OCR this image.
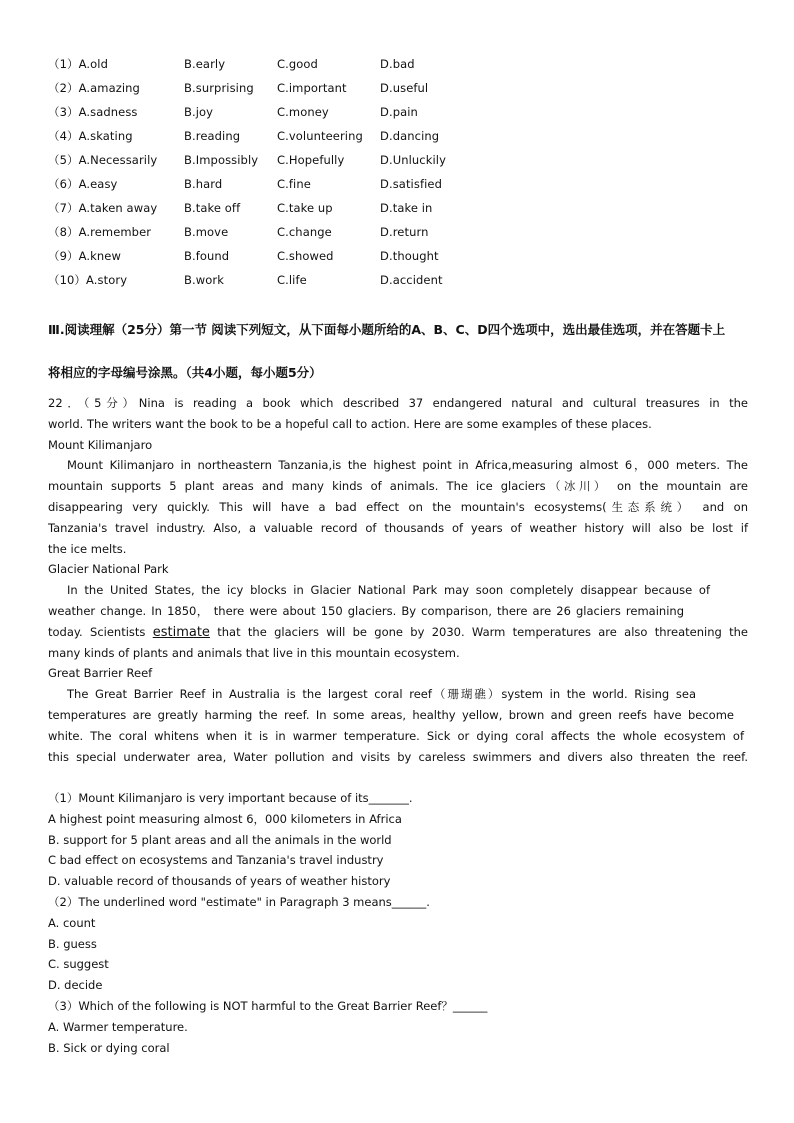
（1）A.old	B.early	C.good	D.bad
（2）A.amazing	B.surprising C.important	D.useful
（3）A.sadness	B.joy	C.money	D.pain
（4）A.skating	B.reading	C.volunteering D.dancing
（5）A.Necessarily B.Impossibly C.Hopefully	D.Unluckily
（6）A.easy	B.hard	C.fine	D.satisfied
（7）A.taken away B.take off	C.take up	D.take in
（8）A.remember	B.move	C.change	D.return
（9）A.knew	B.found	C.showed	D.thought
（10）A.story	B.work	C.life	D.accident
Ⅲ.阅读理解（25分）第一节 阅读下列短文，从下面每小题所给的A、B、C、D四个选项中，选出最佳选项，并在答题卡上
将相应的字母编号涂黑。（共4小题，每小题5分）
22．（5分）Nina is reading a book which described 37 endangered natural and cultural treasures in the
world. The writers want the book to be a hopeful call to action. Here are some examples of these places.
Mount Kilimanjaro
Mount Kilimanjaro in northeastern Tanzania,is the highest point in Africa,measuring almost 6，000 meters. The
mountain supports 5 plant areas and many kinds of animals. The ice glaciers（冰川） on the mountain are
disappearing very quickly. This will have a bad effect on the mountain's ecosystems(生态系统） and on
Tanzania's travel industry. Also, a valuable record of thousands of years of weather history will also be lost if
the ice melts.
Glacier National Park
In the United States, the icy blocks in Glacier National Park may soon completely disappear because of
weather change. In 1850， there were about 150 glaciers. By comparison, there are 26 glaciers remaining
today. Scientists estimate that the glaciers will be gone by 2030. Warm temperatures are also threatening the
many kinds of plants and animals that live in this mountain ecosystem.
Great Barrier Reef
The Great Barrier Reef in Australia is the largest coral reef（珊瑚礁）system in the world. Rising sea
temperatures are greatly harming the reef. In some areas, healthy yellow, brown and green reefs have become
white. The coral whitens when it is in warmer temperature. Sick or dying coral affects the whole ecosystem of
this special underwater area, Water pollution and visits by careless swimmers and divers also threaten the reef.
（1）Mount Kilimanjaro is very important because of its_______.
A highest point measuring almost 6，000 kilometers in Africa
B. support for 5 plant areas and all the animals in the world
C bad effect on ecosystems and Tanzania's travel industry
D. valuable record of thousands of years of weather history
（2）The underlined word "estimate" in Paragraph 3 means______.
A. count
B. guess
C. suggest
D. decide
（3）Which of the following is NOT harmful to the Great Barrier Reef？______
A. Warmer temperature.
B. Sick or dying coral
